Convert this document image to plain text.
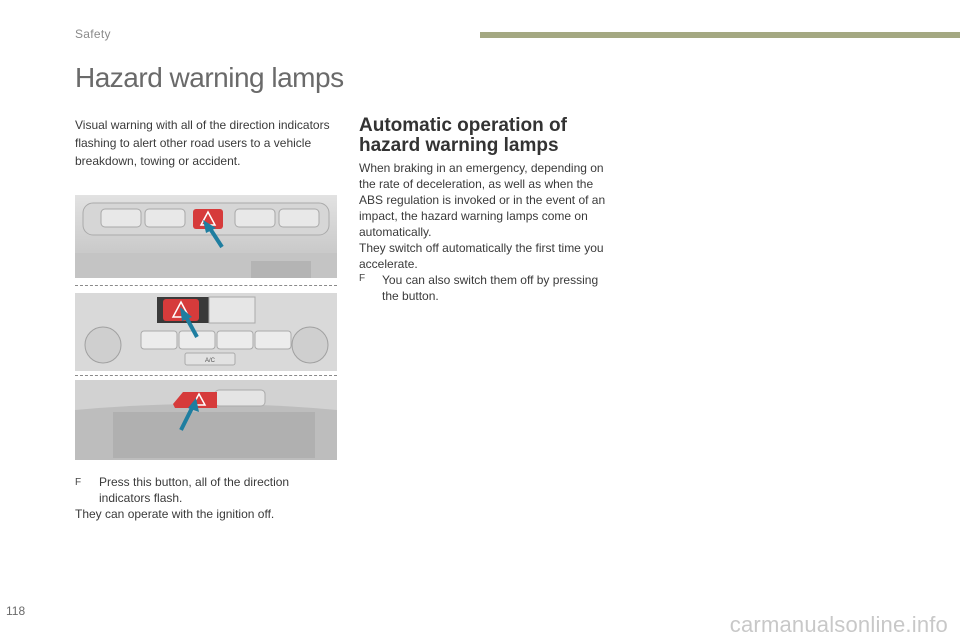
Safety
Hazard warning lamps

Visual warning with all of the direction indicators flashing to alert other road users to a vehicle breakdown, towing or accident.

A/C
F	Press this button, all of the direction indicators flash.
They can operate with the ignition off.
Automatic operation of
hazard warning lamps

When braking in an emergency, depending on the rate of deceleration, as well as when the ABS regulation is invoked or in the event of an impact, the hazard warning lamps come on automatically.

They switch off automatically the first time you accelerate.

F	You can also switch them off by pressing the button.
118
carmanualsonline.info
